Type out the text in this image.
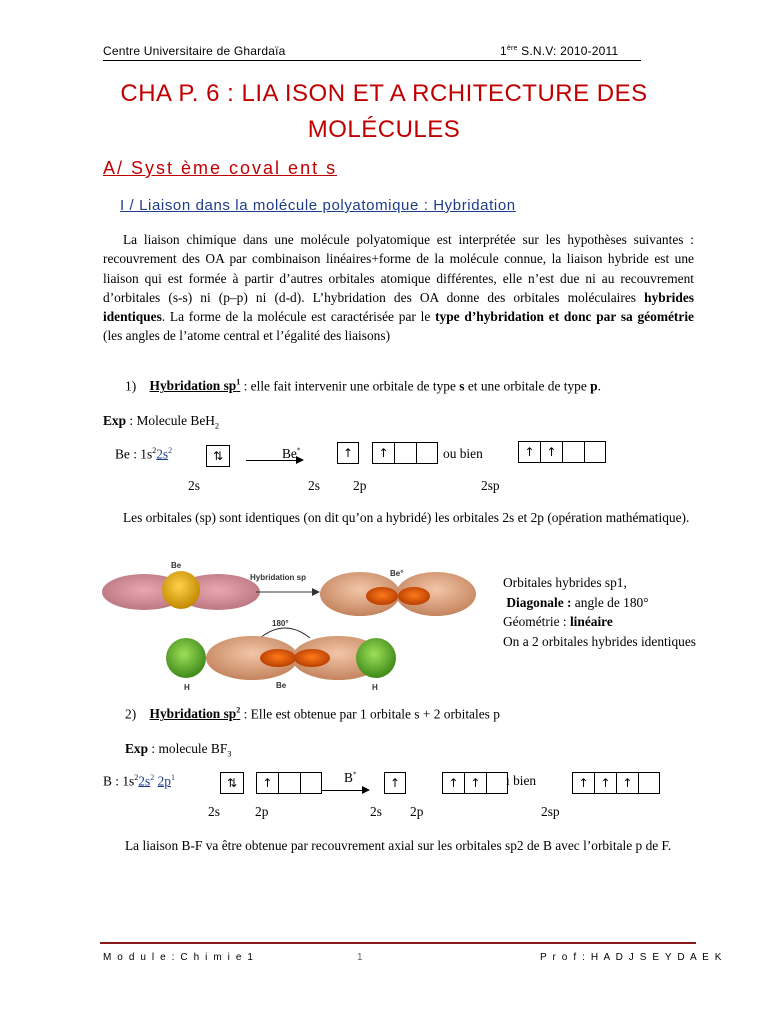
Centre Universitaire de Ghardaïa	1ère S.N.V: 2010-2011
CHA P. 6 : LIA ISON ET A RCHITECTURE DES
MOLÉCULES
A/ Syst ème coval ent s
I / Liaison dans la molécule polyatomique : Hybridation
La liaison chimique dans une molécule polyatomique est interprétée sur les hypothèses suivantes : recouvrement des OA par combinaison linéaires+forme de la molécule connue, la liaison hybride est une liaison qui est formée à partir d’autres orbitales atomique différentes, elle n’est due ni au recouvrement d’orbitales (s-s) ni (p–p) ni (d-d). L’hybridation des OA donne des orbitales moléculaires hybrides identiques. La forme de la molécule est caractérisée par le type d’hybridation et donc par sa géométrie (les angles de l’atome central et l’égalité des liaisons)
1) Hybridation $sp^1$ : elle fait intervenir une orbitale de type s et une orbitale de type p.
Exp : Molecule BeH$_2$
Be : $1s^22s^2$	⇅	Be*	↑	↑	ou bien	↑ ↑
2s	2s 2p	2sp
Les orbitales (sp) sont identiques (on dit qu’on a hybridé) les orbitales 2s et 2p (opération mathématique).
Be
Hybridation sp	Be°
180°
H	Be	H
Orbitales hybrides sp1,
Diagonale : angle de 180°
Géométrie : linéaire
On a 2 orbitales hybrides identiques
2) Hybridation $sp^2$ : Elle est obtenue par 1 orbitale s + 2 orbitales p
Exp : molecule $BF_3$
B : $1s^22s^2$ $2p^1$	⇅	↑	B*
↑	↑ ↑	ı bien	↑ ↑ ↑
2s	2p	2s 2p	2sp
La liaison B-F va être obtenue par recouvrement axial sur les orbitales sp2 de B avec l’orbitale p de F.
M o d u l e : C h i m i e 1	1	P r o f : H A D J S E Y D A E K
